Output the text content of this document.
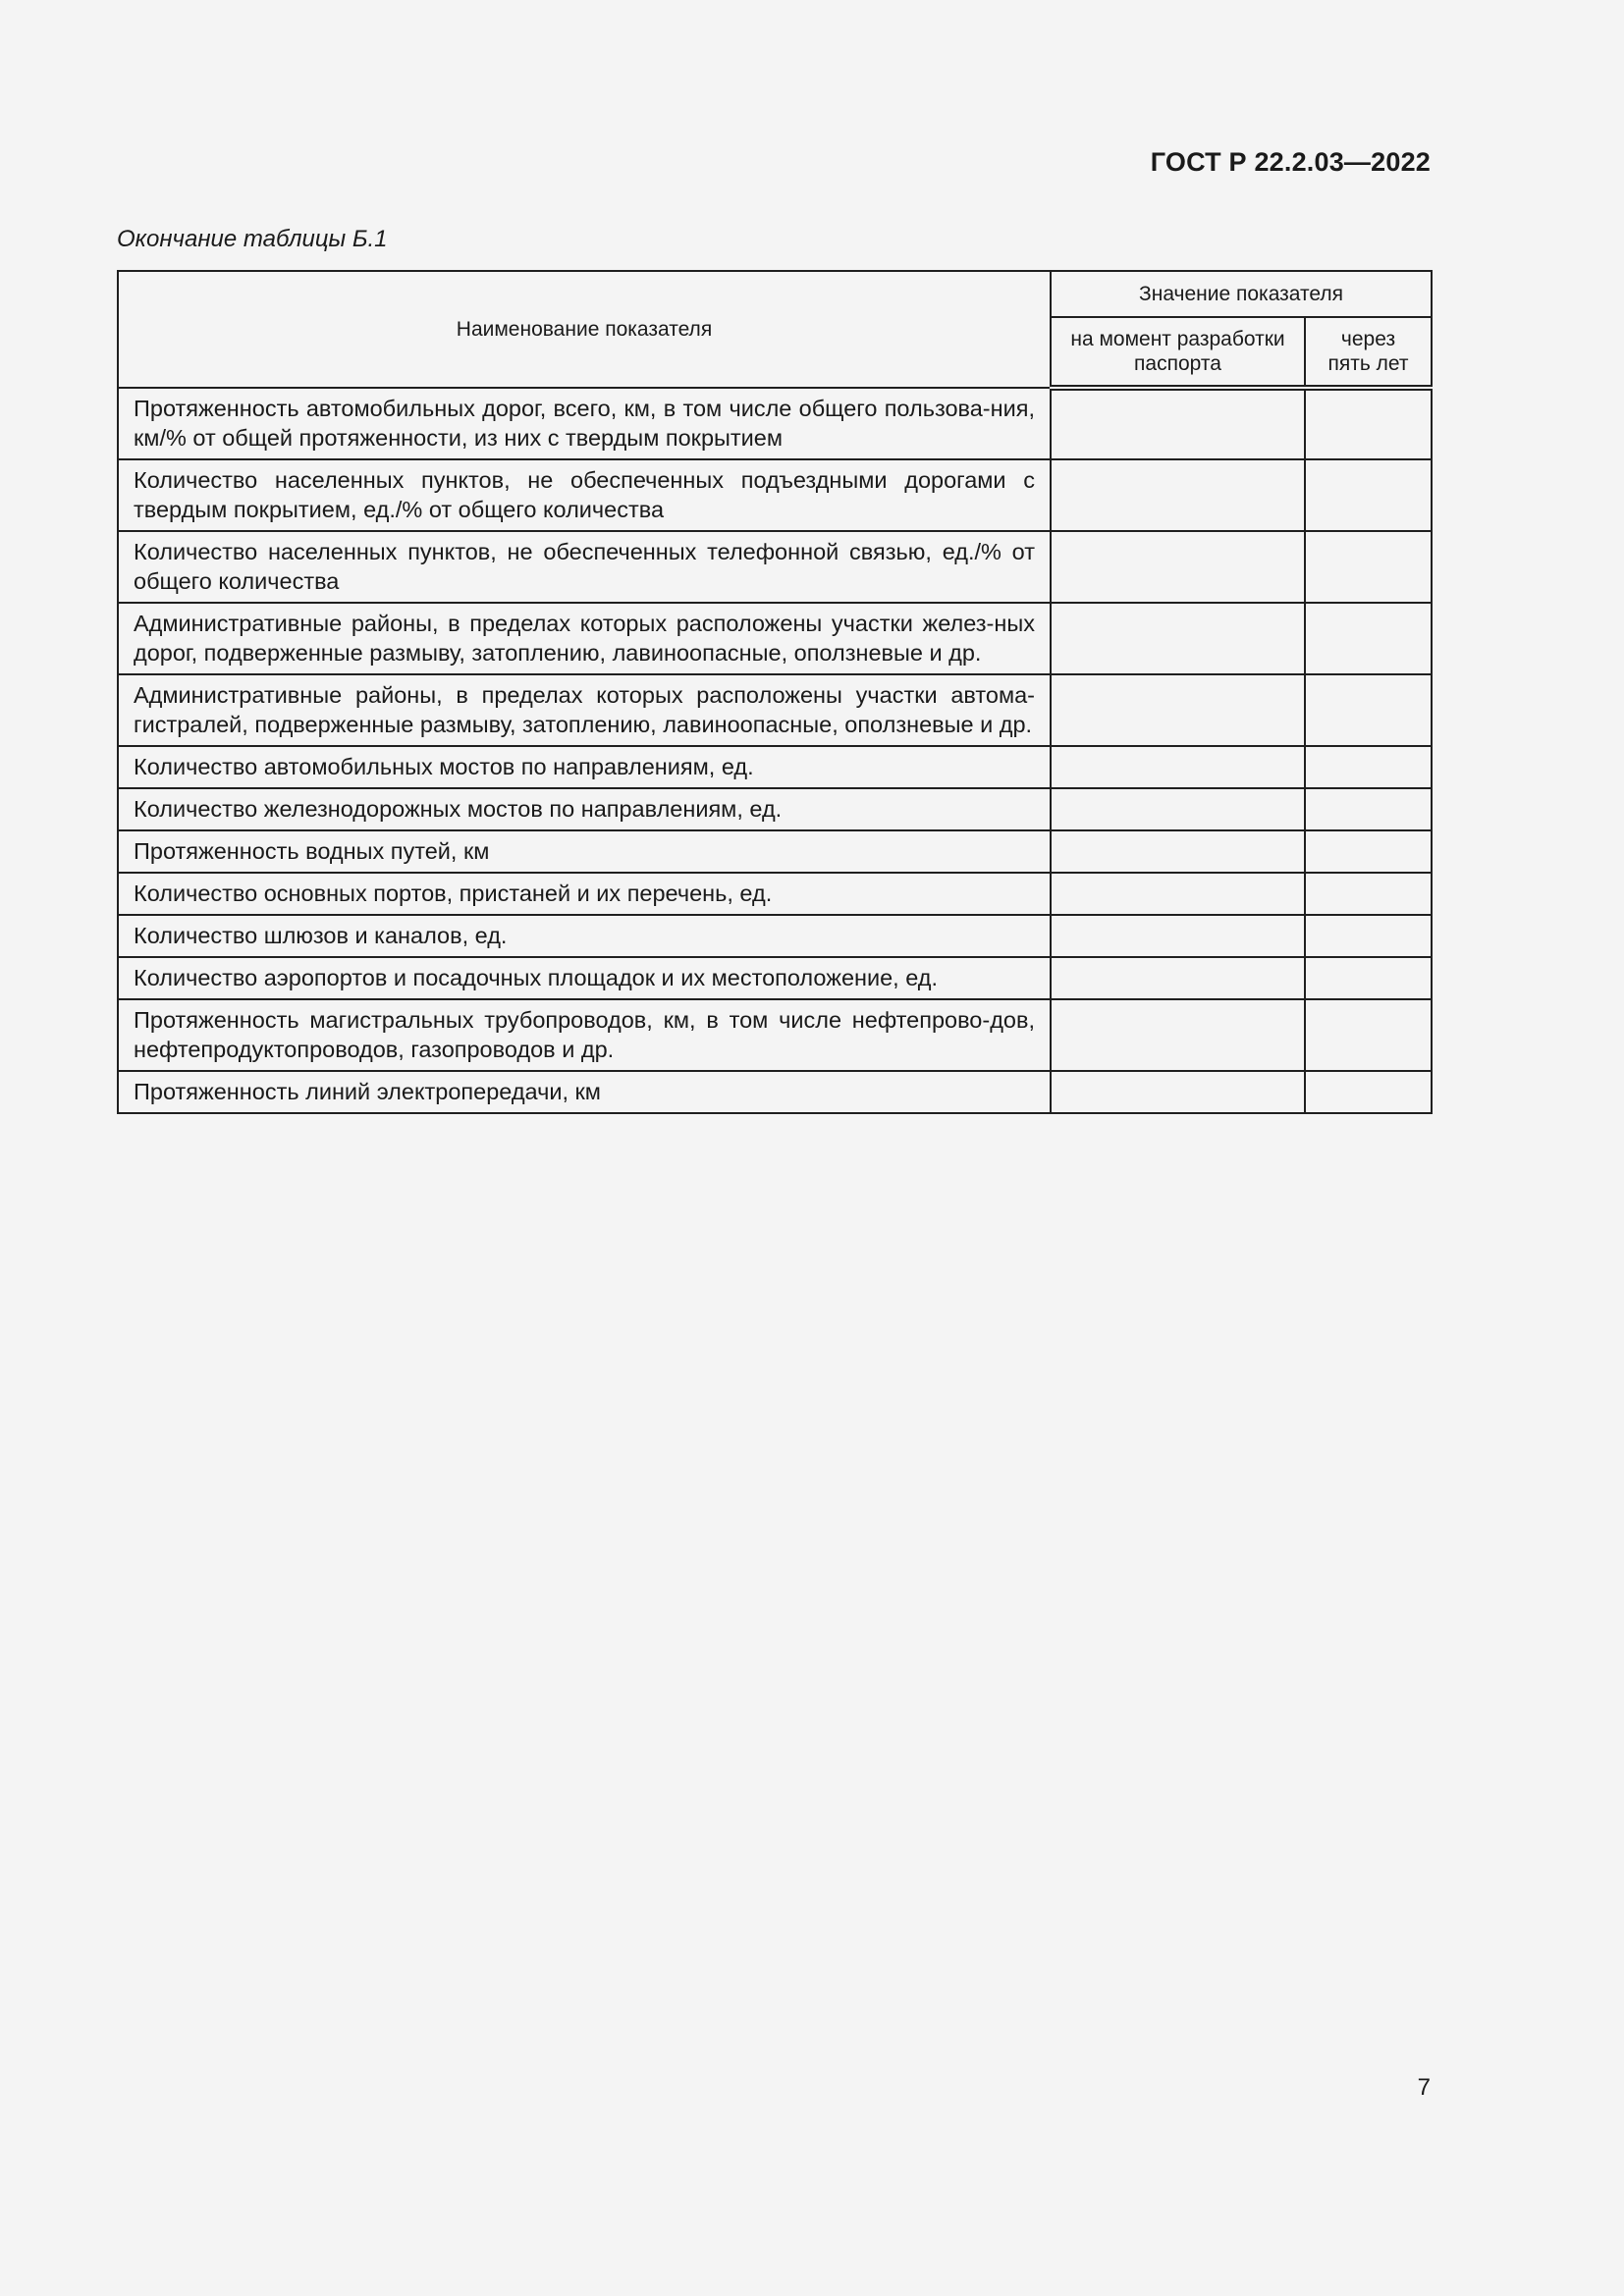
ГОСТ Р 22.2.03—2022
Окончание таблицы Б.1
Наименование показателя	Значение показателя	
	на момент разработки паспорта	через пять лет
Протяженность автомобильных дорог, всего, км, в том числе общего пользова-ния, км/% от общей протяженности, из них с твердым покрытием		
Количество населенных пунктов, не обеспеченных подъездными дорогами с твердым покрытием, ед./% от общего количества		
Количество населенных пунктов, не обеспеченных телефонной связью, ед./% от общего количества		
Административные районы, в пределах которых расположены участки желез-ных дорог, подверженные размыву, затоплению, лавиноопасные, оползневые и др.		
Административные районы, в пределах которых расположены участки автома-гистралей, подверженные размыву, затоплению, лавиноопасные, оползневые и др.		
Количество автомобильных мостов по направлениям, ед.		
Количество железнодорожных мостов по направлениям, ед.		
Протяженность водных путей, км		
Количество основных портов, пристаней и их перечень, ед.		
Количество шлюзов и каналов, ед.		
Количество аэропортов и посадочных площадок и их местоположение, ед.		
Протяженность магистральных трубопроводов, км, в том числе нефтепрово-дов, нефтепродуктопроводов, газопроводов и др.		
Протяженность линий электропередачи, км		
7
